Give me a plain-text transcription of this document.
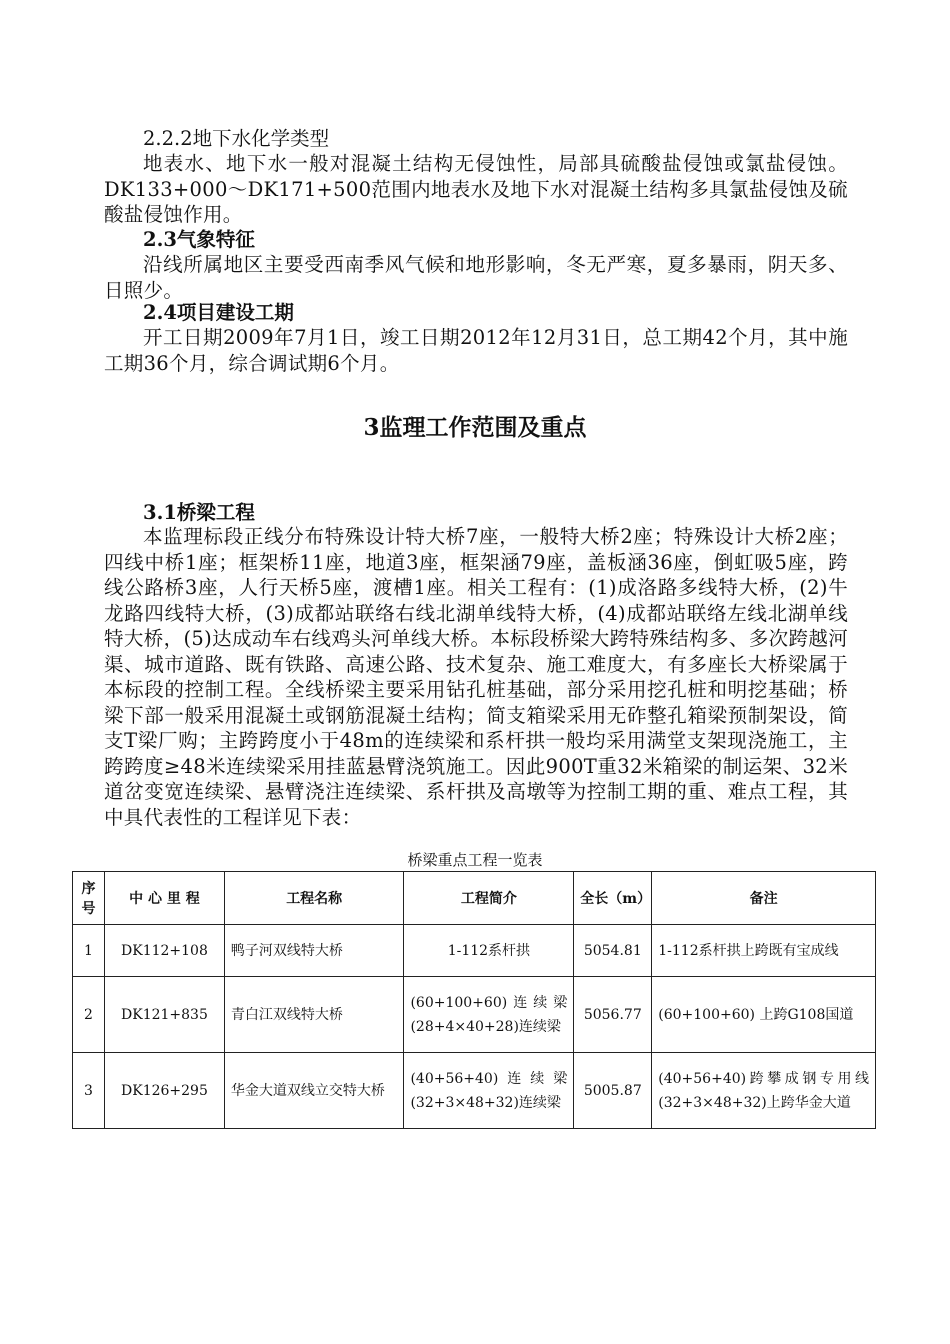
2.2.2地下水化学类型

地表水、地下水一般对混凝土结构无侵蚀性，局部具硫酸盐侵蚀或氯盐侵蚀。DK133+000～DK171+500范围内地表水及地下水对混凝土结构多具氯盐侵蚀及硫酸盐侵蚀作用。

2.3气象特征

沿线所属地区主要受西南季风气候和地形影响，冬无严寒，夏多暴雨，阴天多、日照少。

2.4项目建设工期

开工日期2009年7月1日，竣工日期2012年12月31日，总工期42个月，其中施工期36个月，综合调试期6个月。

3监理工作范围及重点
3.1桥梁工程

本监理标段正线分布特殊设计特大桥7座，一般特大桥2座；特殊设计大桥2座；四线中桥1座；框架桥11座，地道3座，框架涵79座，盖板涵36座，倒虹吸5座，跨线公路桥3座，人行天桥5座，渡槽1座。相关工程有：(1)成洛路多线特大桥，(2)牛龙路四线特大桥，(3)成都站联络右线北湖单线特大桥，(4)成都站联络左线北湖单线特大桥，(5)达成动车右线鸡头河单线大桥。本标段桥梁大跨特殊结构多、多次跨越河渠、城市道路、既有铁路、高速公路、技术复杂、施工难度大，有多座长大桥梁属于本标段的控制工程。全线桥梁主要采用钻孔桩基础，部分采用挖孔桩和明挖基础；桥梁下部一般采用混凝土或钢筋混凝土结构；简支箱梁采用无砟整孔箱梁预制架设，简支T梁厂购；主跨跨度小于48m的连续梁和系杆拱一般均采用满堂支架现浇施工，主跨跨度≥48米连续梁采用挂蓝悬臂浇筑施工。因此900T重32米箱梁的制运架、32米道岔变宽连续梁、悬臂浇注连续梁、系杆拱及高墩等为控制工期的重、难点工程，其中具代表性的工程详见下表：

桥梁重点工程一览表
序号	中 心 里 程	工程名称	工程简介	全长（m）	备注
1	DK112+108	鸭子河双线特大桥	1-112系杆拱	5054.81	1-112系杆拱上跨既有宝成线
2	DK121+835	青白江双线特大桥	(60+100+60)连续梁(28+4×40+28)连续梁	5056.77	(60+100+60) 上跨G108国道
3	DK126+295	华金大道双线立交特大桥	(40+56+40)连续梁(32+3×48+32)连续梁	5005.87	(40+56+40)跨攀成钢专用线(32+3×48+32)上跨华金大道
